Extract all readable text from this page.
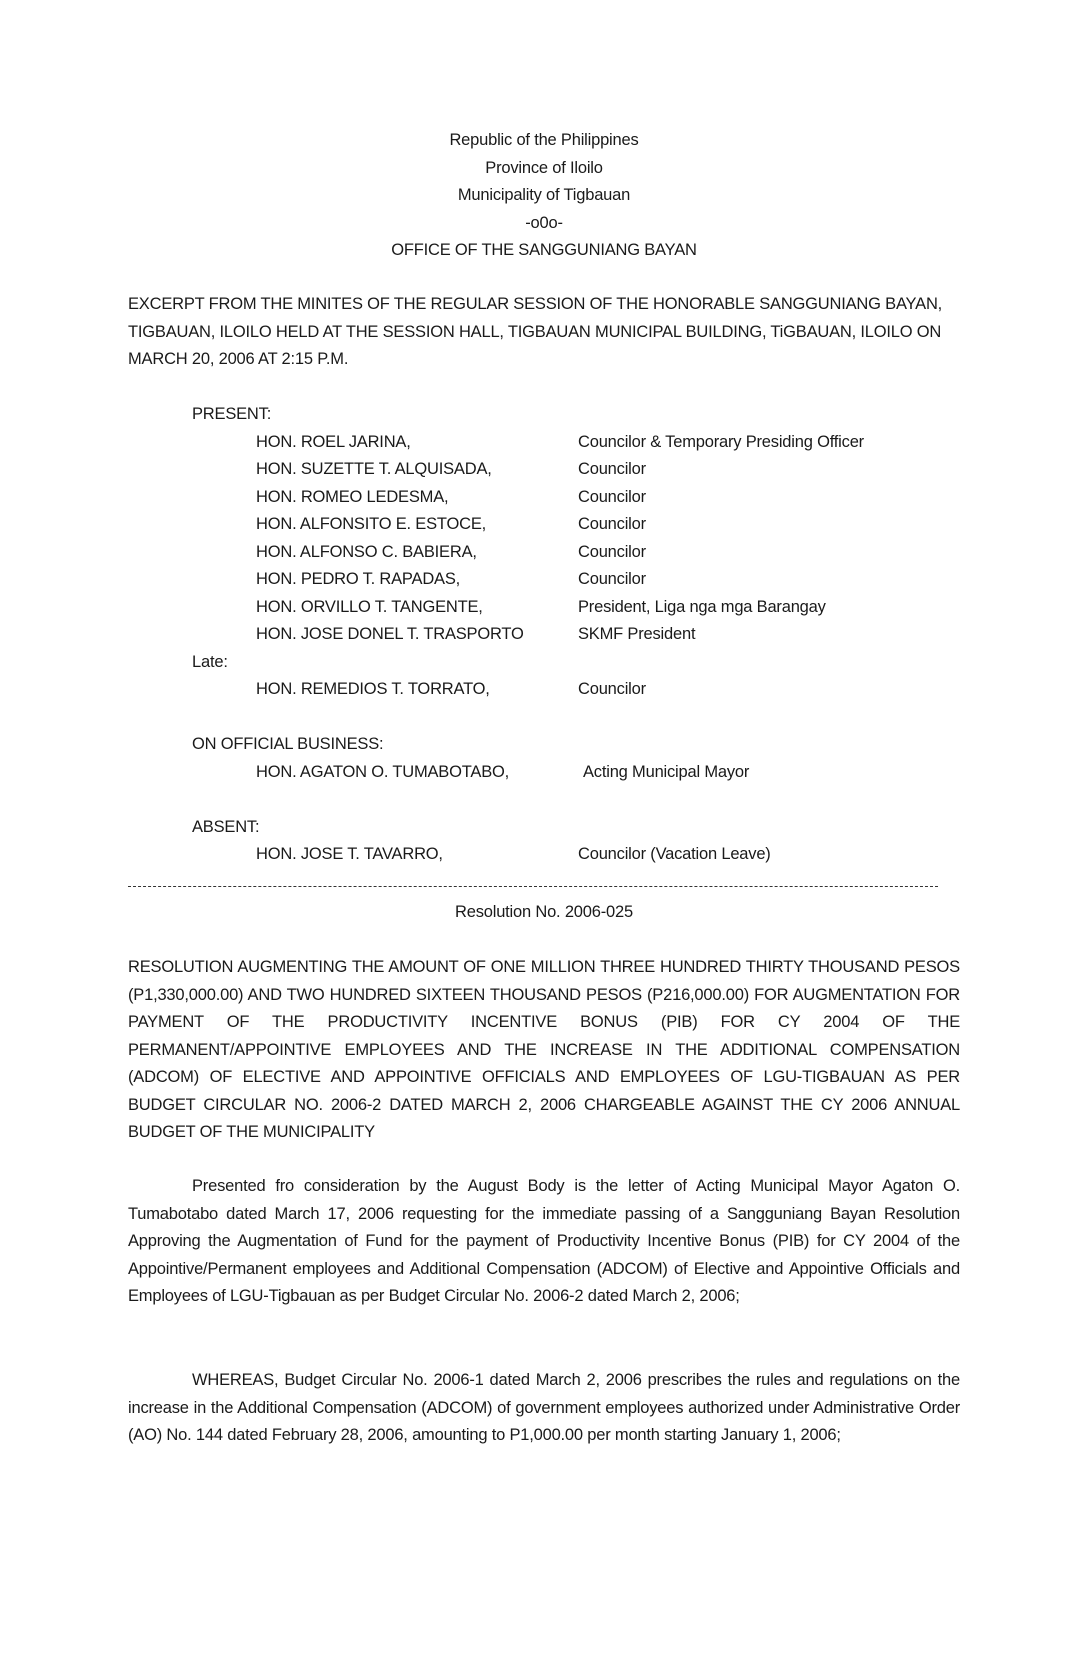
Republic of the Philippines
Province of Iloilo
Municipality of Tigbauan
-o0o-
OFFICE OF THE SANGGUNIANG BAYAN
EXCERPT FROM THE MINITES OF THE REGULAR SESSION OF THE HONORABLE SANGGUNIANG BAYAN, TIGBAUAN, ILOILO HELD AT THE SESSION HALL, TIGBAUAN MUNICIPAL BUILDING, TiGBAUAN, ILOILO ON MARCH 20, 2006 AT 2:15 P.M.
PRESENT:
HON. ROEL JARINA,	Councilor & Temporary Presiding Officer
HON. SUZETTE T. ALQUISADA,	Councilor
HON. ROMEO LEDESMA,	Councilor
HON. ALFONSITO E. ESTOCE,	Councilor
HON. ALFONSO C. BABIERA,	Councilor
HON. PEDRO T. RAPADAS,	Councilor
HON. ORVILLO T. TANGENTE,	President, Liga nga mga Barangay
HON. JOSE DONEL T. TRASPORTO	SKMF President
Late:
HON. REMEDIOS T. TORRATO,	Councilor
ON OFFICIAL BUSINESS:
HON. AGATON O. TUMABOTABO,	Acting Municipal Mayor
ABSENT:
HON. JOSE T. TAVARRO,	Councilor (Vacation Leave)
Resolution No. 2006-025
RESOLUTION AUGMENTING THE AMOUNT OF ONE MILLION THREE HUNDRED THIRTY THOUSAND PESOS (P1,330,000.00) AND TWO HUNDRED SIXTEEN THOUSAND PESOS (P216,000.00) FOR AUGMENTATION FOR PAYMENT OF THE PRODUCTIVITY INCENTIVE BONUS (PIB) FOR CY 2004 OF THE PERMANENT/APPOINTIVE EMPLOYEES AND THE INCREASE IN THE ADDITIONAL COMPENSATION (ADCOM) OF ELECTIVE AND APPOINTIVE OFFICIALS AND EMPLOYEES OF LGU-TIGBAUAN AS PER BUDGET CIRCULAR NO. 2006-2 DATED MARCH 2, 2006 CHARGEABLE AGAINST THE CY 2006 ANNUAL BUDGET OF THE MUNICIPALITY
Presented fro consideration by the August Body is the letter of Acting Municipal Mayor Agaton O. Tumabotabo dated March 17, 2006 requesting for the immediate passing of a Sangguniang Bayan Resolution Approving the Augmentation of Fund for the payment of Productivity Incentive Bonus (PIB) for CY 2004 of the Appointive/Permanent employees and Additional Compensation (ADCOM) of Elective and Appointive Officials and Employees of LGU-Tigbauan as per Budget Circular No. 2006-2 dated March 2, 2006;
WHEREAS, Budget Circular No. 2006-1 dated March 2, 2006 prescribes the rules and regulations on the increase in the Additional Compensation (ADCOM) of government employees authorized under Administrative Order (AO) No. 144 dated February 28, 2006, amounting to P1,000.00 per month starting January 1, 2006;
